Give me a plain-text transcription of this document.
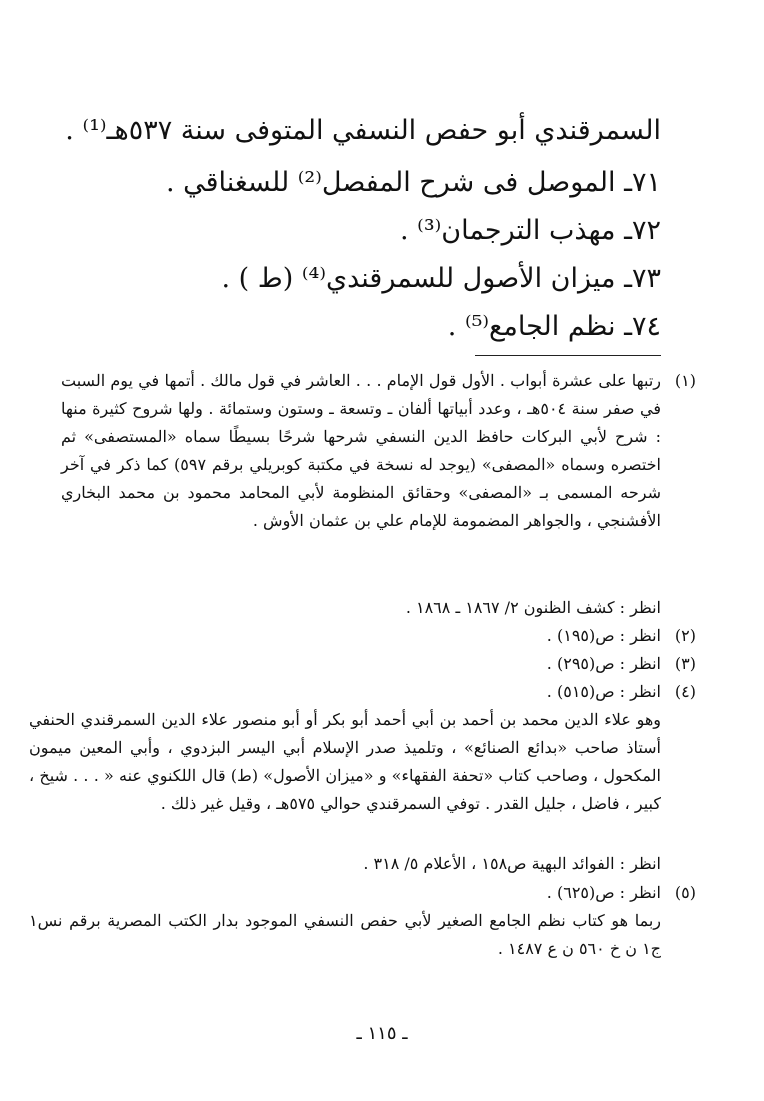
السمرقندي أبو حفص النسفي المتوفى سنة ٥٣٧هـ⁽¹⁾ .
٧١ـ الموصل فى شرح المفصل⁽²⁾ للسغناقي .
٧٢ـ مهذب الترجمان⁽³⁾ .
٧٣ـ ميزان الأصول للسمرقندي⁽⁴⁾ (ط ) .
٧٤ـ نظم الجامع⁽⁵⁾ .
(١)
رتبها على عشرة أبواب . الأول قول الإمام . . . العاشر في قول مالك . أتمها في يوم السبت في صفر سنة ٥٠٤هـ ، وعدد أبياتها ألفان ـ وتسعة ـ وستون وستمائة . ولها شروح كثيرة منها : شرح لأبي البركات حافظ الدين النسفي شرحها شرحًا بسيطًا سماه «المستصفى» ثم اختصره وسماه «المصفى» (يوجد له نسخة في مكتبة كوبريلي برقم ٥٩٧) كما ذكر في آخر شرحه المسمى بـ «المصفى» وحقائق المنظومة لأبي المحامد محمود بن محمد البخاري الأفشنجي ، والجواهر المضمومة للإمام علي بن عثمان الأوش .
انظر : كشف الظنون ٢/ ١٨٦٧ ـ ١٨٦٨ .
(٢)
انظر : ص(١٩٥) .
(٣)
انظر : ص(٢٩٥) .
(٤)
انظر : ص(٥١٥) .
وهو علاء الدين محمد بن أحمد بن أبي أحمد أبو بكر أو أبو منصور علاء الدين السمرقندي الحنفي أستاذ صاحب «بدائع الصنائع» ، وتلميذ صدر الإسلام أبي اليسر البزدوي ، وأبي المعين ميمون المكحول ، وصاحب كتاب «تحفة الفقهاء» و «ميزان الأصول» (ط) قال اللكنوي عنه « . . . شيخ ، كبير ، فاضل ، جليل القدر . توفي السمرقندي حوالي ٥٧٥هـ ، وقيل غير ذلك .
انظر : الفوائد البهية ص١٥٨ ، الأعلام ٥/ ٣١٨ .
(٥)
انظر : ص(٦٢٥) .
ربما هو كتاب نظم الجامع الصغير لأبي حفص النسفي الموجود بدار الكتب المصرية برقم نس١ ج١ ن خ ٥٦٠ ن ع ١٤٨٧ .
ـ ١١٥ ـ
